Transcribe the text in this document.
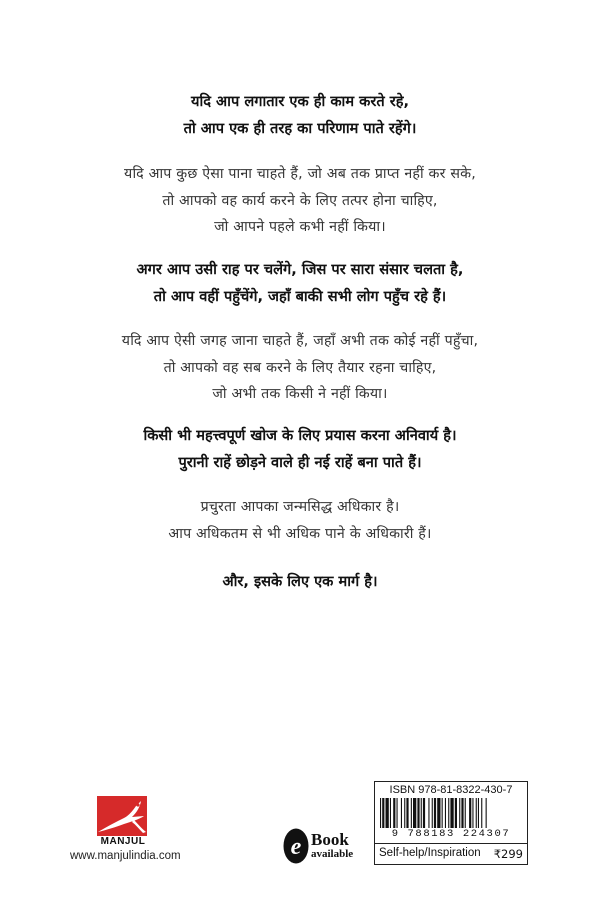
यदि आप लगातार एक ही काम करते रहे,
तो आप एक ही तरह का परिणाम पाते रहेंगे।
यदि आप कुछ ऐसा पाना चाहते हैं, जो अब तक प्राप्त नहीं कर सके,
तो आपको वह कार्य करने के लिए तत्पर होना चाहिए,
जो आपने पहले कभी नहीं किया।
अगर आप उसी राह पर चलेंगे, जिस पर सारा संसार चलता है,
तो आप वहीं पहुँचेंगे, जहाँ बाकी सभी लोग पहुँच रहे हैं।
यदि आप ऐसी जगह जाना चाहते हैं, जहाँ अभी तक कोई नहीं पहुँचा,
तो आपको वह सब करने के लिए तैयार रहना चाहिए,
जो अभी तक किसी ने नहीं किया।
किसी भी महत्त्वपूर्ण खोज के लिए प्रयास करना अनिवार्य है।
पुरानी राहें छोड़ने वाले ही नई राहें बना पाते हैं।
प्रचुरता आपका जन्मसिद्ध अधिकार है।
आप अधिकतम से भी अधिक पाने के अधिकारी हैं।
और, इसके लिए एक मार्ग है।
MANJUL
www.manjulindia.com	e Book
available
ISBN 978-81-8322-430-7
9 788183 224307
Self-help/Inspiration ₹299
